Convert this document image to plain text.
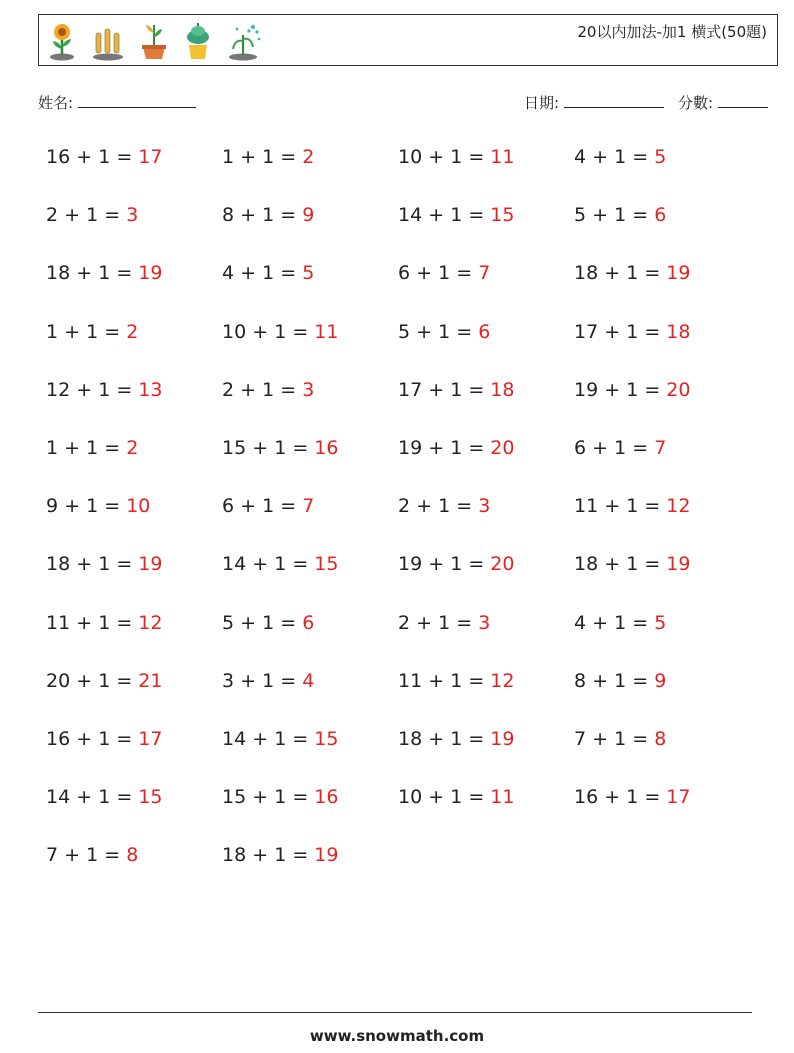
20以内加法-加1 横式(50題)
姓名:	日期:	分數:
16 + 1 = 17	1 + 1 = 2	10 + 1 = 11	4 + 1 = 5
2 + 1 = 3	8 + 1 = 9	14 + 1 = 15	5 + 1 = 6
18 + 1 = 19	4 + 1 = 5	6 + 1 = 7	18 + 1 = 19
1 + 1 = 2	10 + 1 = 11	5 + 1 = 6	17 + 1 = 18
12 + 1 = 13	2 + 1 = 3	17 + 1 = 18	19 + 1 = 20
1 + 1 = 2	15 + 1 = 16	19 + 1 = 20	6 + 1 = 7
9 + 1 = 10	6 + 1 = 7	2 + 1 = 3	11 + 1 = 12
18 + 1 = 19	14 + 1 = 15	19 + 1 = 20	18 + 1 = 19
11 + 1 = 12	5 + 1 = 6	2 + 1 = 3	4 + 1 = 5
20 + 1 = 21	3 + 1 = 4	11 + 1 = 12	8 + 1 = 9
16 + 1 = 17	14 + 1 = 15	18 + 1 = 19	7 + 1 = 8
14 + 1 = 15	15 + 1 = 16	10 + 1 = 11	16 + 1 = 17
7 + 1 = 8	18 + 1 = 19
www.snowmath.com
